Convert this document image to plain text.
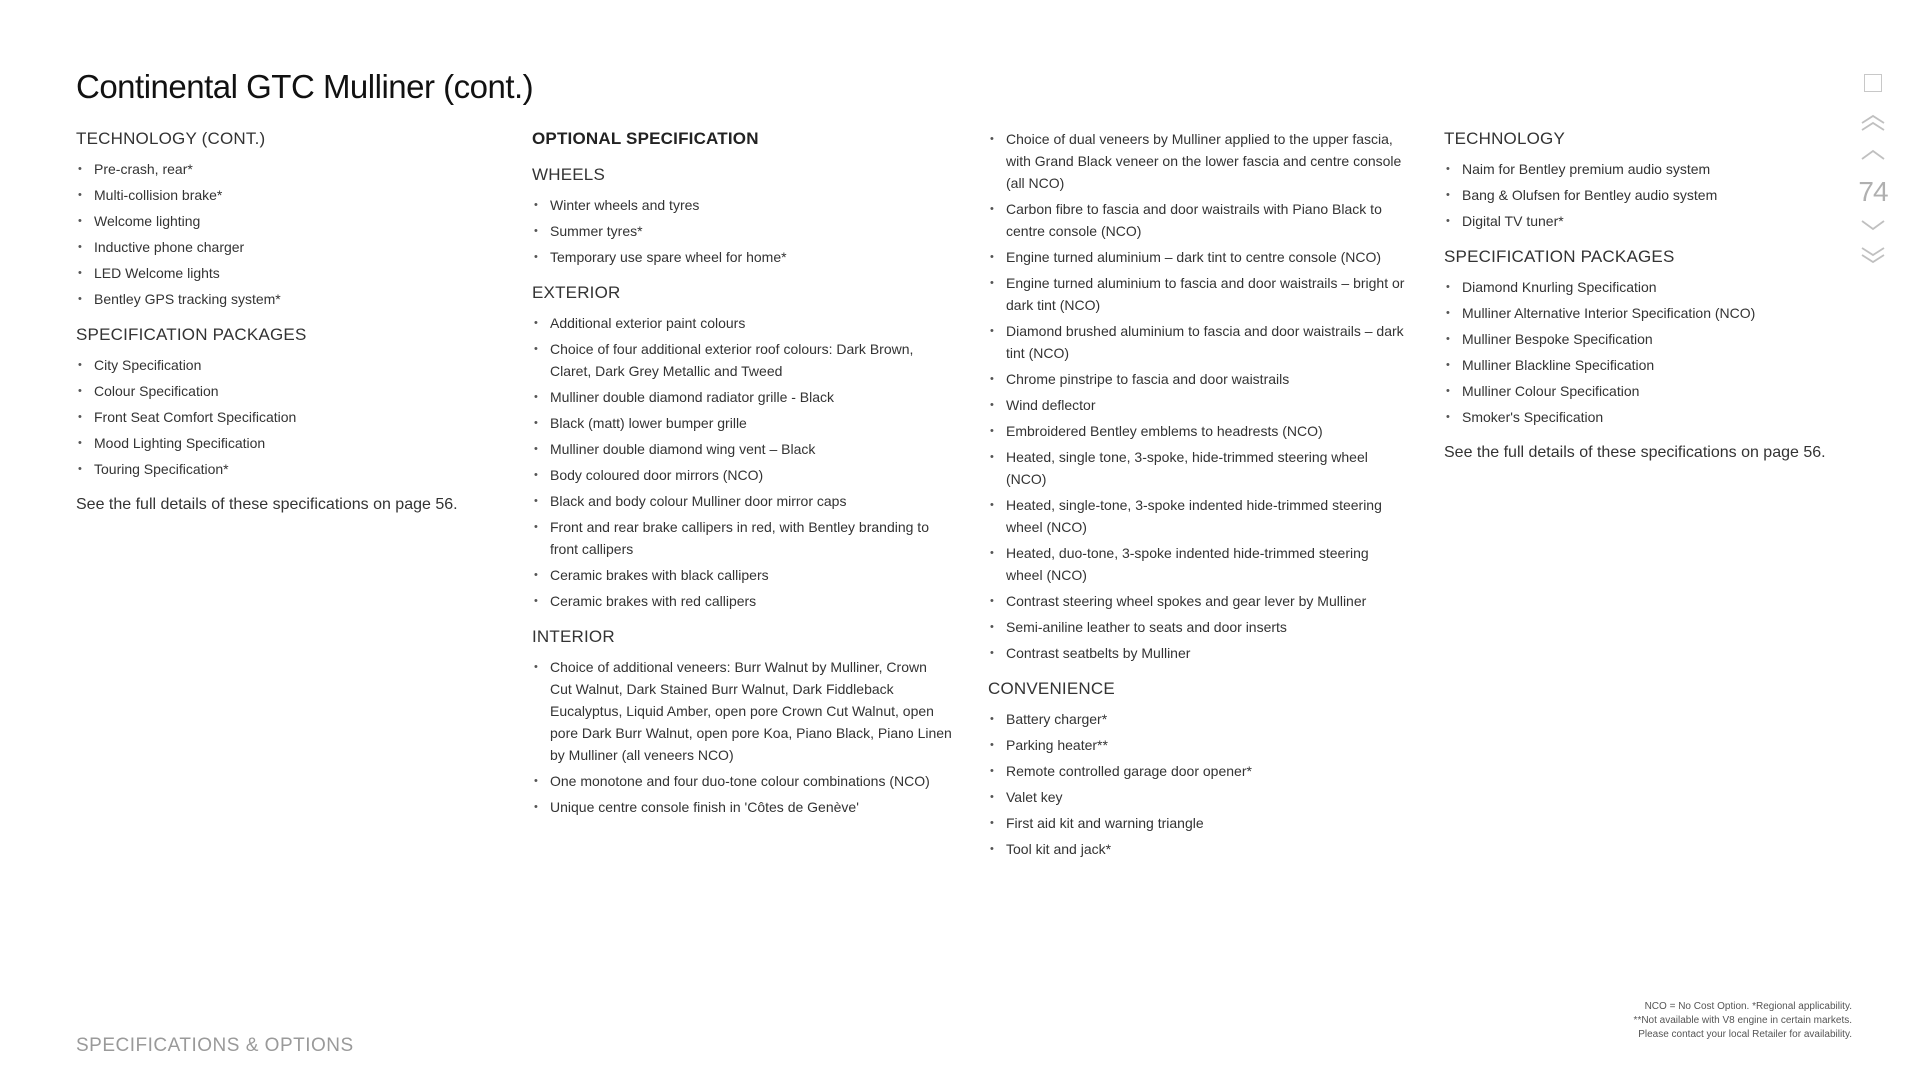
Continental GTC Mulliner (cont.)
TECHNOLOGY (CONT.)
• Pre-crash, rear*
• Multi-collision brake*
• Welcome lighting
• Inductive phone charger
• LED Welcome lights
• Bentley GPS tracking system*
SPECIFICATION PACKAGES
• City Specification
• Colour Specification
• Front Seat Comfort Specification
• Mood Lighting Specification
• Touring Specification*
See the full details of these specifications on page 56.
OPTIONAL SPECIFICATION
WHEELS
• Winter wheels and tyres
• Summer tyres*
• Temporary use spare wheel for home*
EXTERIOR
• Additional exterior paint colours
• Choice of four additional exterior roof colours: Dark Brown, Claret, Dark Grey Metallic and Tweed
• Mulliner double diamond radiator grille - Black
• Black (matt) lower bumper grille
• Mulliner double diamond wing vent – Black
• Body coloured door mirrors (NCO)
• Black and body colour Mulliner door mirror caps
• Front and rear brake callipers in red, with Bentley branding to front callipers
• Ceramic brakes with black callipers
• Ceramic brakes with red callipers
INTERIOR
• Choice of additional veneers: Burr Walnut by Mulliner, Crown Cut Walnut, Dark Stained Burr Walnut, Dark Fiddleback Eucalyptus, Liquid Amber, open pore Crown Cut Walnut, open pore Dark Burr Walnut, open pore Koa, Piano Black, Piano Linen by Mulliner (all veneers NCO)
• One monotone and four duo-tone colour combinations (NCO)
• Unique centre console finish in 'Côtes de Genève'
• Choice of dual veneers by Mulliner applied to the upper fascia, with Grand Black veneer on the lower fascia and centre console (all NCO)
• Carbon fibre to fascia and door waistrails with Piano Black to centre console (NCO)
• Engine turned aluminium – dark tint to centre console (NCO)
• Engine turned aluminium to fascia and door waistrails – bright or dark tint (NCO)
• Diamond brushed aluminium to fascia and door waistrails – dark tint (NCO)
• Chrome pinstripe to fascia and door waistrails
• Wind deflector
• Embroidered Bentley emblems to headrests (NCO)
• Heated, single tone, 3-spoke, hide-trimmed steering wheel (NCO)
• Heated, single-tone, 3-spoke indented hide-trimmed steering wheel (NCO)
• Heated, duo-tone, 3-spoke indented hide-trimmed steering wheel (NCO)
• Contrast steering wheel spokes and gear lever by Mulliner
• Semi-aniline leather to seats and door inserts
• Contrast seatbelts by Mulliner
CONVENIENCE
• Battery charger*
• Parking heater**
• Remote controlled garage door opener*
• Valet key
• First aid kit and warning triangle
• Tool kit and jack*
TECHNOLOGY
• Naim for Bentley premium audio system
• Bang & Olufsen for Bentley audio system
• Digital TV tuner*
SPECIFICATION PACKAGES
• Diamond Knurling Specification
• Mulliner Alternative Interior Specification (NCO)
• Mulliner Bespoke Specification
• Mulliner Blackline Specification
• Mulliner Colour Specification
• Smoker's Specification
See the full details of these specifications on page 56.
SPECIFICATIONS & OPTIONS
NCO = No Cost Option. *Regional applicability.
**Not available with V8 engine in certain markets.
Please contact your local Retailer for availability.
74
